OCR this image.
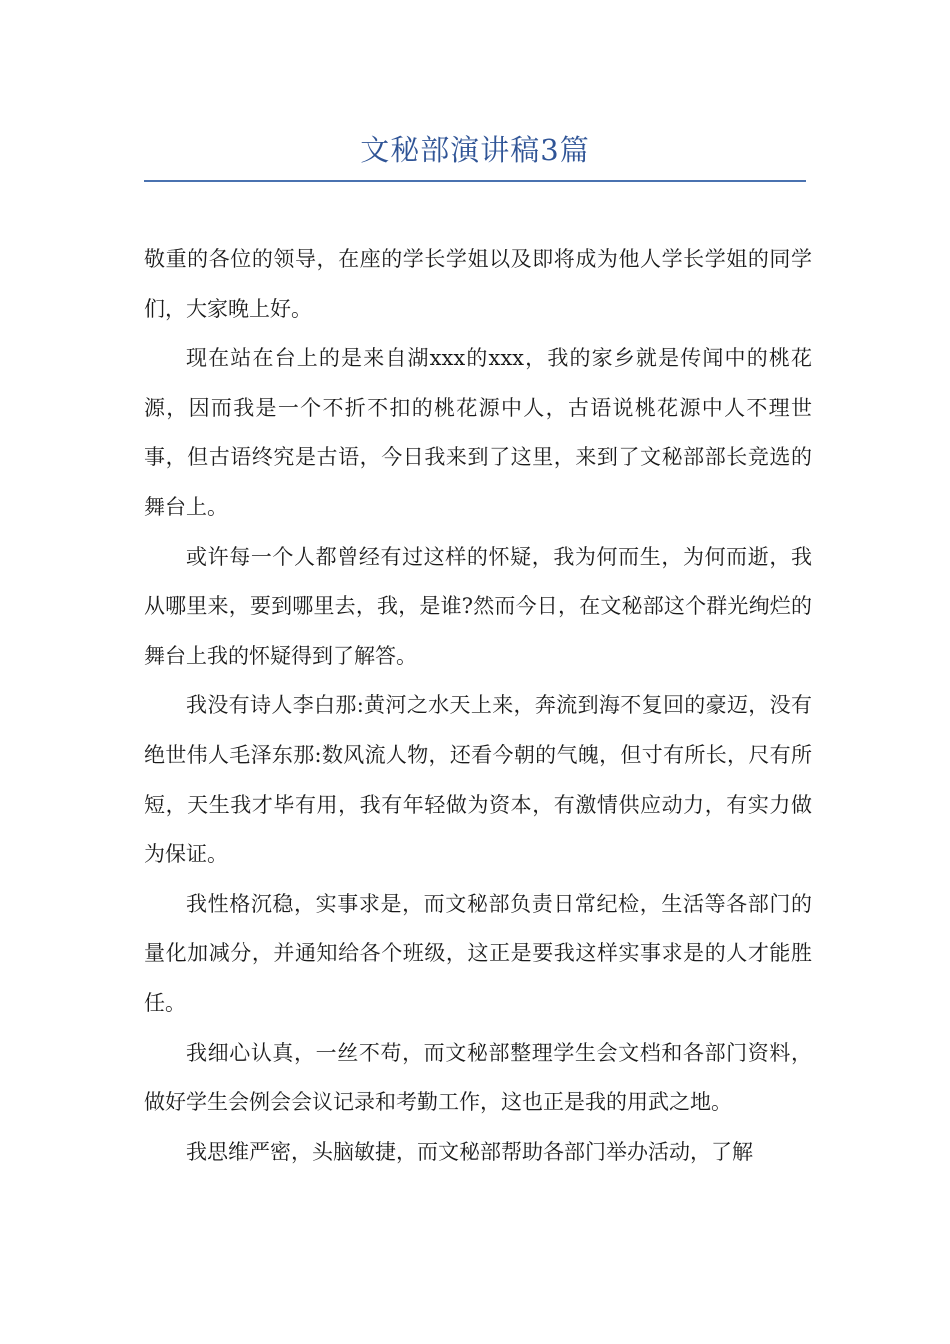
文秘部演讲稿3篇

敬重的各位的领导，在座的学长学姐以及即将成为他人学长学姐的同学们，大家晚上好。

现在站在台上的是来自湖xxx的xxx，我的家乡就是传闻中的桃花源，因而我是一个不折不扣的桃花源中人，古语说桃花源中人不理世事，但古语终究是古语，今日我来到了这里，来到了文秘部部长竞选的舞台上。

或许每一个人都曾经有过这样的怀疑，我为何而生，为何而逝，我从哪里来，要到哪里去，我，是谁?然而今日，在文秘部这个群光绚烂的舞台上我的怀疑得到了解答。

我没有诗人李白那:黄河之水天上来，奔流到海不复回的豪迈，没有绝世伟人毛泽东那:数风流人物，还看今朝的气魄，但寸有所长，尺有所短，天生我才毕有用，我有年轻做为资本，有激情供应动力，有实力做为保证。

我性格沉稳，实事求是，而文秘部负责日常纪检，生活等各部门的量化加减分，并通知给各个班级，这正是要我这样实事求是的人才能胜任。

我细心认真，一丝不苟，而文秘部整理学生会文档和各部门资料，做好学生会例会会议记录和考勤工作，这也正是我的用武之地。

我思维严密，头脑敏捷，而文秘部帮助各部门举办活动，了解
